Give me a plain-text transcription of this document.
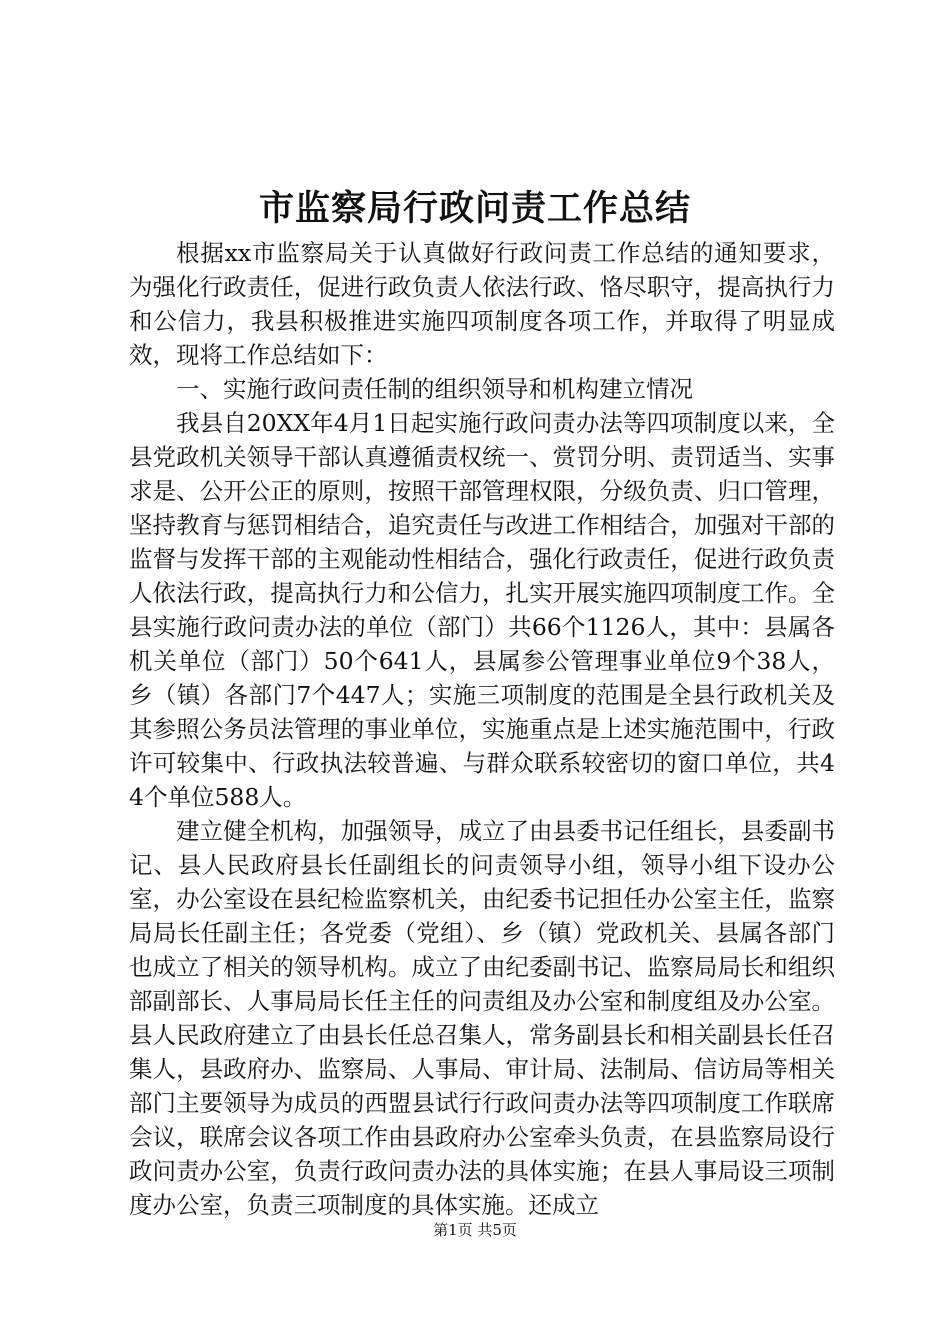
市监察局行政问责工作总结

根据xx市监察局关于认真做好行政问责工作总结的通知要求，为强化行政责任，促进行政负责人依法行政、恪尽职守，提高执行力和公信力，我县积极推进实施四项制度各项工作，并取得了明显成效，现将工作总结如下：

一、实施行政问责任制的组织领导和机构建立情况

我县自20XX年4月1日起实施行政问责办法等四项制度以来，全县党政机关领导干部认真遵循责权统一、赏罚分明、责罚适当、实事求是、公开公正的原则，按照干部管理权限，分级负责、归口管理，坚持教育与惩罚相结合，追究责任与改进工作相结合，加强对干部的监督与发挥干部的主观能动性相结合，强化行政责任，促进行政负责人依法行政，提高执行力和公信力，扎实开展实施四项制度工作。全县实施行政问责办法的单位（部门）共66个1126人，其中：县属各机关单位（部门）50个641人，县属参公管理事业单位9个38人，乡（镇）各部门7个447人；实施三项制度的范围是全县行政机关及其参照公务员法管理的事业单位，实施重点是上述实施范围中，行政许可较集中、行政执法较普遍、与群众联系较密切的窗口单位，共44个单位588人。

建立健全机构，加强领导，成立了由县委书记任组长，县委副书记、县人民政府县长任副组长的问责领导小组，领导小组下设办公室，办公室设在县纪检监察机关，由纪委书记担任办公室主任，监察局局长任副主任；各党委（党组）、乡（镇）党政机关、县属各部门也成立了相关的领导机构。成立了由纪委副书记、监察局局长和组织部副部长、人事局局长任主任的问责组及办公室和制度组及办公室。县人民政府建立了由县长任总召集人，常务副县长和相关副县长任召集人，县政府办、监察局、人事局、审计局、法制局、信访局等相关部门主要领导为成员的西盟县试行行政问责办法等四项制度工作联席会议，联席会议各项工作由县政府办公室牵头负责，在县监察局设行政问责办公室，负责行政问责办法的具体实施；在县人事局设三项制度办公室，负责三项制度的具体实施。还成立

第1页 共5页
